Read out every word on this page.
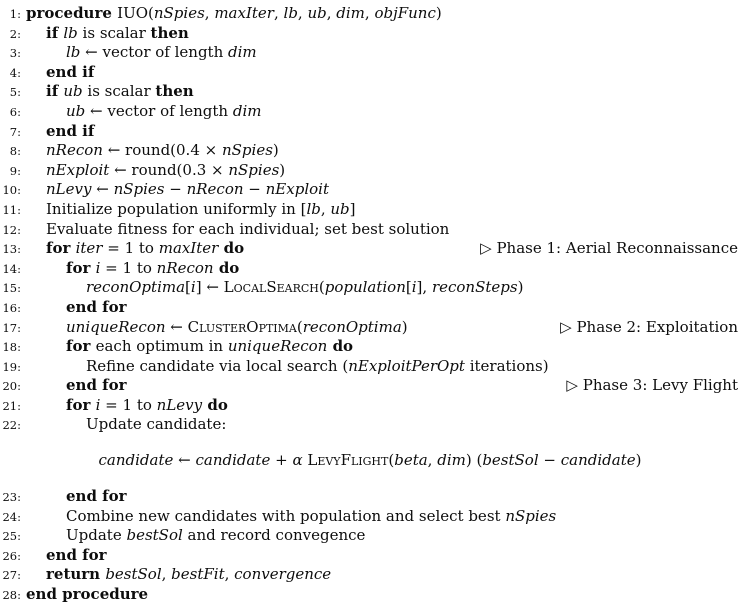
1: procedure IUO(nSpies, maxIter, lb, ub, dim, objFunc)
2:	if lb is scalar then
3:	lb ← vector of length dim
4:	end if
5:	if ub is scalar then
6:	ub ← vector of length dim
7:	end if
8:	nRecon ← round(0.4 × nSpies)
9:	nExploit ← round(0.3 × nSpies)
10:	nLevy ← nSpies − nRecon − nExploit
11:	Initialize population uniformly in [lb, ub]
12:	Evaluate fitness for each individual; set best solution
13:	for iter = 1 to maxIter do	▷ Phase 1: Aerial Reconnaissance
14:	for i = 1 to nRecon do
15:	reconOptima[i] ← LocalSearch(population[i], reconSteps)
16:	end for
17:	uniqueRecon ← ClusterOptima(reconOptima)	▷ Phase 2: Exploitation
18:	for each optimum in uniqueRecon do
19:	Refine candidate via local search (nExploitPerOpt iterations)
20:	end for	▷ Phase 3: Levy Flight
21:	for i = 1 to nLevy do
22:	Update candidate:
candidate ← candidate + α LevyFlight(beta, dim) (bestSol − candidate)
23:	end for
24:	Combine new candidates with population and select best nSpies
25:	Update bestSol and record convegence
26:	end for
27:	return bestSol, bestFit, convergence
28: end procedure
